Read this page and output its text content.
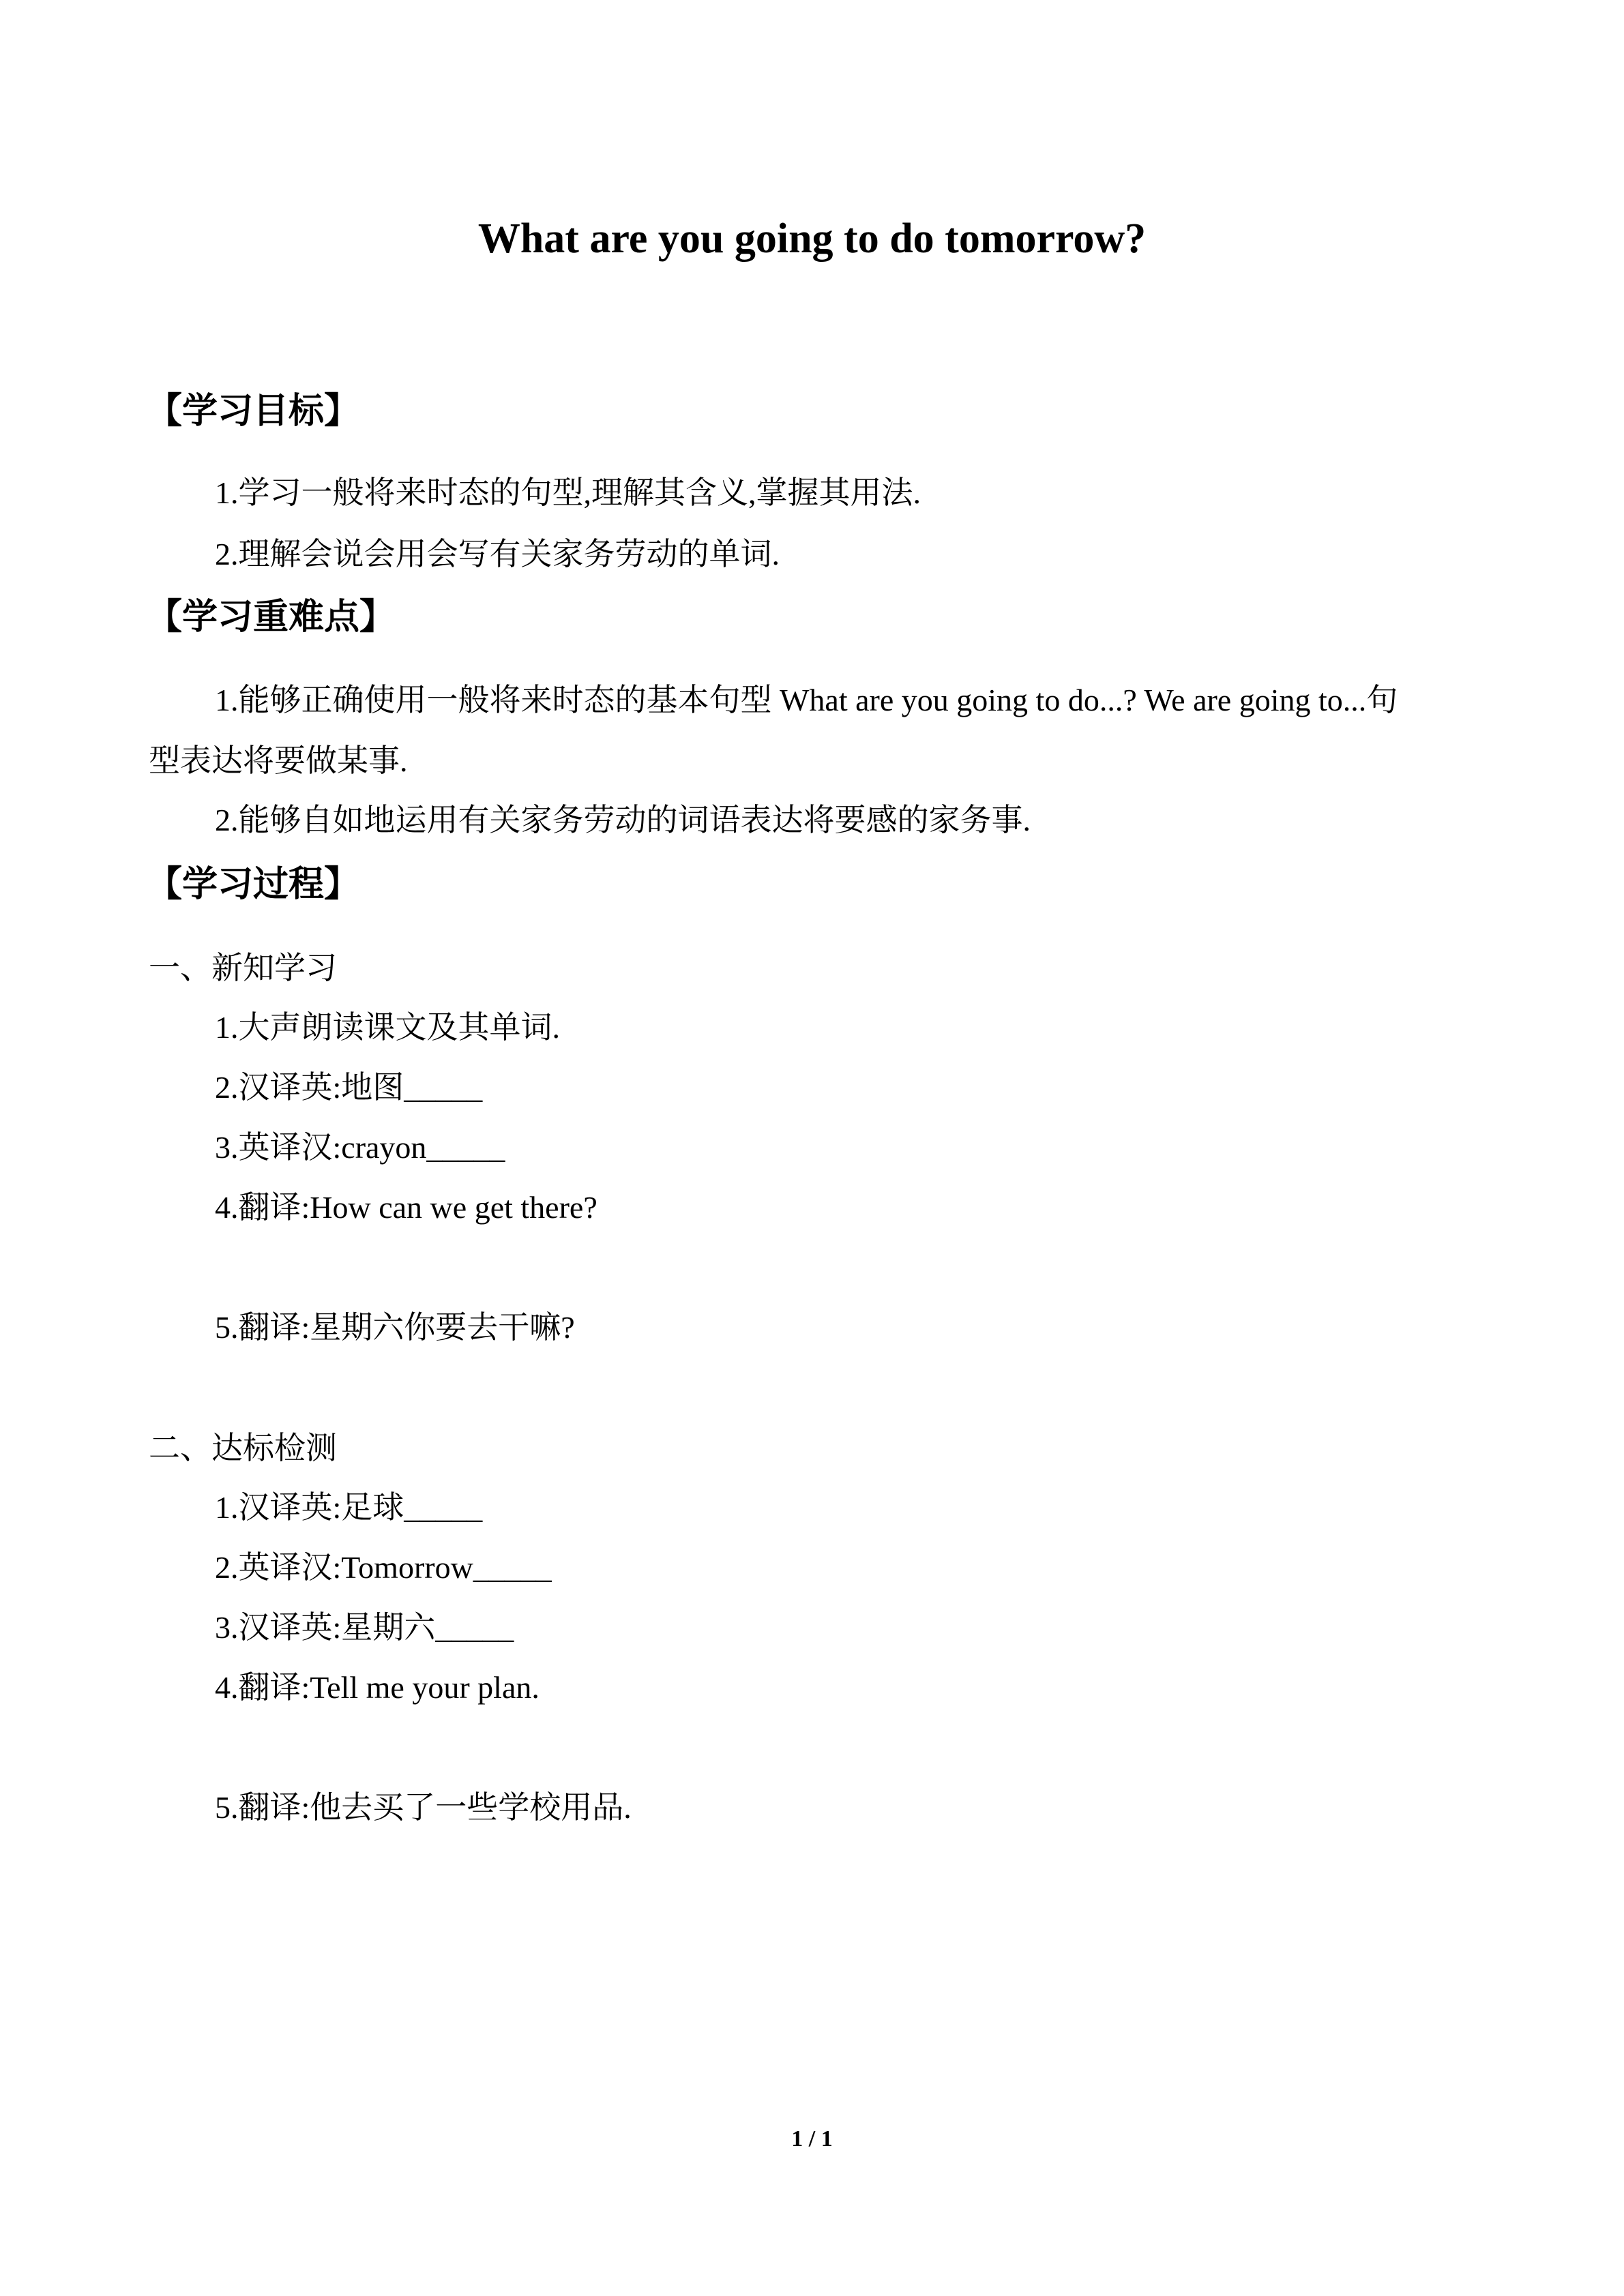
What are you going to do tomorrow?
【学习目标】
1.学习一般将来时态的句型,理解其含义,掌握其用法.
2.理解会说会用会写有关家务劳动的单词.
【学习重难点】
1.能够正确使用一般将来时态的基本句型 What are you going to do...? We are going to...句
型表达将要做某事.
2.能够自如地运用有关家务劳动的词语表达将要感的家务事.
【学习过程】
一、新知学习
1.大声朗读课文及其单词.
2.汉译英:地图_____
3.英译汉:crayon_____
4.翻译:How can we get there?
5.翻译:星期六你要去干嘛?
二、达标检测
1.汉译英:足球_____
2.英译汉:Tomorrow_____
3.汉译英:星期六_____
4.翻译:Tell me your plan.
5.翻译:他去买了一些学校用品.
1 / 1
